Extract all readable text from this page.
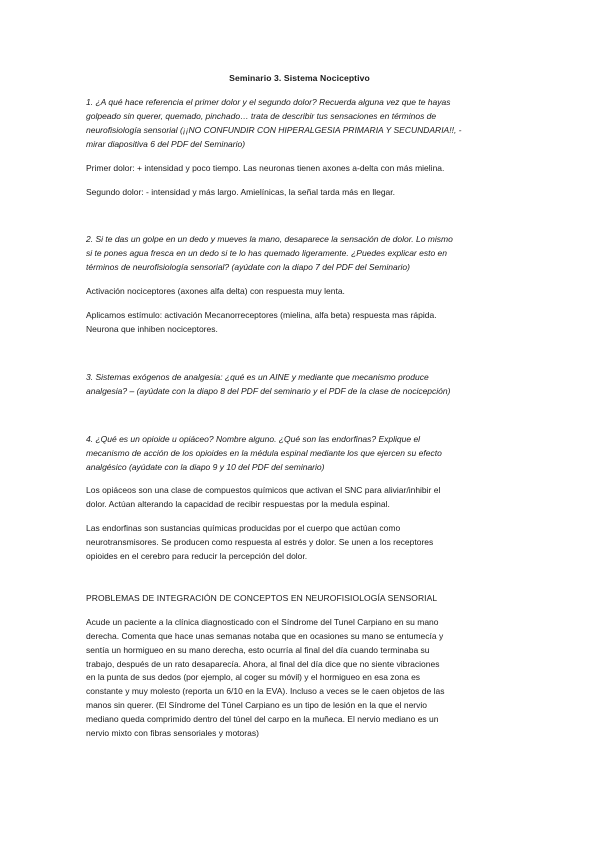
Seminario 3. Sistema Nociceptivo

1. ¿A qué hace referencia el primer dolor y el segundo dolor? Recuerda alguna vez que te hayas
golpeado sin querer, quemado, pinchado… trata de describir tus sensaciones en términos de
neurofisiología sensorial (¡¡NO CONFUNDIR CON HIPERALGESIA PRIMARIA Y SECUNDARIA!!, -
mirar diapositiva 6 del PDF del Seminario)

Primer dolor: + intensidad y poco tiempo. Las neuronas tienen axones a-delta con más mielina.

Segundo dolor: - intensidad y más largo. Amielínicas, la señal tarda más en llegar.

2. Si te das un golpe en un dedo y mueves la mano, desaparece la sensación de dolor. Lo mismo
si te pones agua fresca en un dedo si te lo has quemado ligeramente. ¿Puedes explicar esto en
términos de neurofisiología sensorial? (ayúdate con la diapo 7 del PDF del Seminario)

Activación nociceptores (axones alfa delta) con respuesta muy lenta.

Aplicamos estímulo: activación Mecanorreceptores (mielina, alfa beta) respuesta mas rápida.
Neurona que inhiben nociceptores.

3. Sistemas exógenos de analgesia: ¿qué es un AINE y mediante que mecanismo produce
analgesia? – (ayúdate con la diapo 8 del PDF del seminario y el PDF de la clase de nocicepción)

4. ¿Qué es un opioide u opiáceo? Nombre alguno. ¿Qué son las endorfinas? Explique el
mecanismo de acción de los opioides en la médula espinal mediante los que ejercen su efecto
analgésico (ayúdate con la diapo 9 y 10 del PDF del seminario)

Los opiáceos son una clase de compuestos químicos que activan el SNC para aliviar/inhibir el
dolor. Actúan alterando la capacidad de recibir respuestas por la medula espinal.

Las endorfinas son sustancias químicas producidas por el cuerpo que actúan como
neurotransmisores. Se producen como respuesta al estrés y dolor. Se unen a los receptores
opioides en el cerebro para reducir la percepción del dolor.

PROBLEMAS DE INTEGRACIÓN DE CONCEPTOS EN NEUROFISIOLOGÍA SENSORIAL

Acude un paciente a la clínica diagnosticado con el Síndrome del Tunel Carpiano en su mano
derecha. Comenta que hace unas semanas notaba que en ocasiones su mano se entumecía y
sentía un hormigueo en su mano derecha, esto ocurría al final del día cuando terminaba su
trabajo, después de un rato desaparecía. Ahora, al final del día dice que no siente vibraciones
en la punta de sus dedos (por ejemplo, al coger su móvil) y el hormigueo en esa zona es
constante y muy molesto (reporta un 6/10 en la EVA). Incluso a veces se le caen objetos de las
manos sin querer. (El Síndrome del Túnel Carpiano es un tipo de lesión en la que el nervio
mediano queda comprimido dentro del túnel del carpo en la muñeca. El nervio mediano es un
nervio mixto con fibras sensoriales y motoras)
